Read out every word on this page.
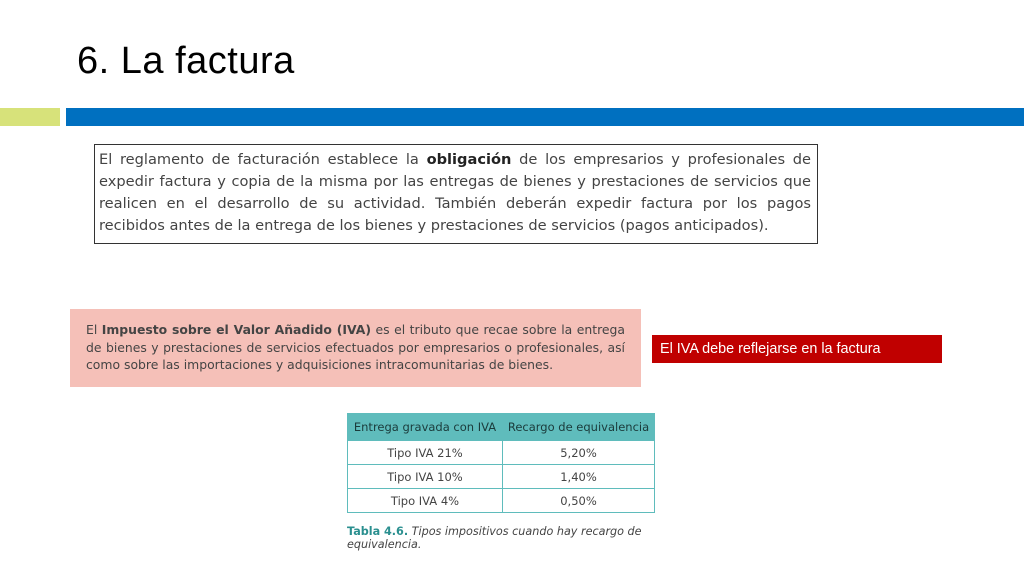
6. La factura
El reglamento de facturación establece la obligación de los empresarios y profesionales de expedir factura y copia de la misma por las entregas de bienes y prestaciones de servicios que realicen en el desarrollo de su actividad. También deberán expedir factura por los pagos recibidos antes de la entrega de los bienes y prestaciones de servicios (pagos anticipados).
El Impuesto sobre el Valor Añadido (IVA) es el tributo que recae sobre la entrega de bienes y prestaciones de servicios efectuados por empresarios o profesionales, así como sobre las importaciones y adquisiciones intracomunitarias de bienes.
El IVA debe reflejarse en la factura
Entrega gravada con IVA	Recargo de equivalencia
Tipo IVA 21%	5,20%
Tipo IVA 10%	1,40%
Tipo IVA 4%	0,50%
Tabla 4.6. Tipos impositivos cuando hay recargo de equivalencia.
